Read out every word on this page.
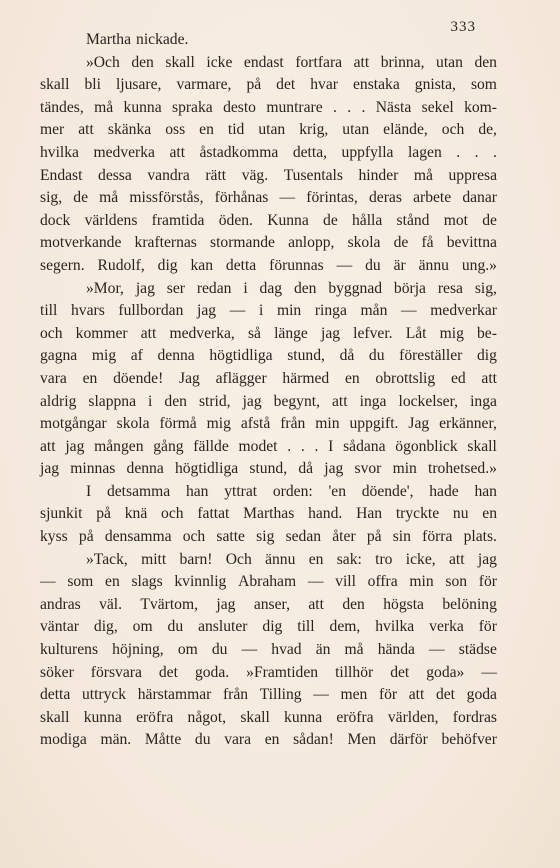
333
Martha nickade.
»Och den skall icke endast fortfara att brinna, utan den
skall bli ljusare, varmare, på det hvar enstaka gnista, som
tändes, må kunna spraka desto muntrare . . . Nästa sekel kom-
mer att skänka oss en tid utan krig, utan elände, och de,
hvilka medverka att åstadkomma detta, uppfylla lagen . . .
Endast dessa vandra rätt väg. Tusentals hinder må uppresa
sig, de må missförstås, förhånas — förintas, deras arbete danar
dock världens framtida öden. Kunna de hålla stånd mot de
motverkande krafternas stormande anlopp, skola de få bevittna
segern. Rudolf, dig kan detta förunnas — du är ännu ung.»
»Mor, jag ser redan i dag den byggnad börja resa sig,
till hvars fullbordan jag — i min ringa mån — medverkar
och kommer att medverka, så länge jag lefver. Låt mig be-
gagna mig af denna högtidliga stund, då du föreställer dig
vara en döende! Jag aflägger härmed en obrottslig ed att
aldrig slappna i den strid, jag begynt, att inga lockelser, inga
motgångar skola förmå mig afstå från min uppgift. Jag erkänner,
att jag mången gång fällde modet . . . I sådana ögonblick skall
jag minnas denna högtidliga stund, då jag svor min trohetsed.»
I detsamma han yttrat orden: 'en döende', hade han
sjunkit på knä och fattat Marthas hand. Han tryckte nu en
kyss på densamma och satte sig sedan åter på sin förra plats.
»Tack, mitt barn! Och ännu en sak: tro icke, att jag
— som en slags kvinnlig Abraham — vill offra min son för
andras väl. Tvärtom, jag anser, att den högsta belöning
väntar dig, om du ansluter dig till dem, hvilka verka för
kulturens höjning, om du — hvad än må hända — städse
söker försvara det goda. »Framtiden tillhör det goda» —
detta uttryck härstammar från Tilling — men för att det goda
skall kunna eröfra något, skall kunna eröfra världen, fordras
modiga män. Måtte du vara en sådan! Men därför behöfver
